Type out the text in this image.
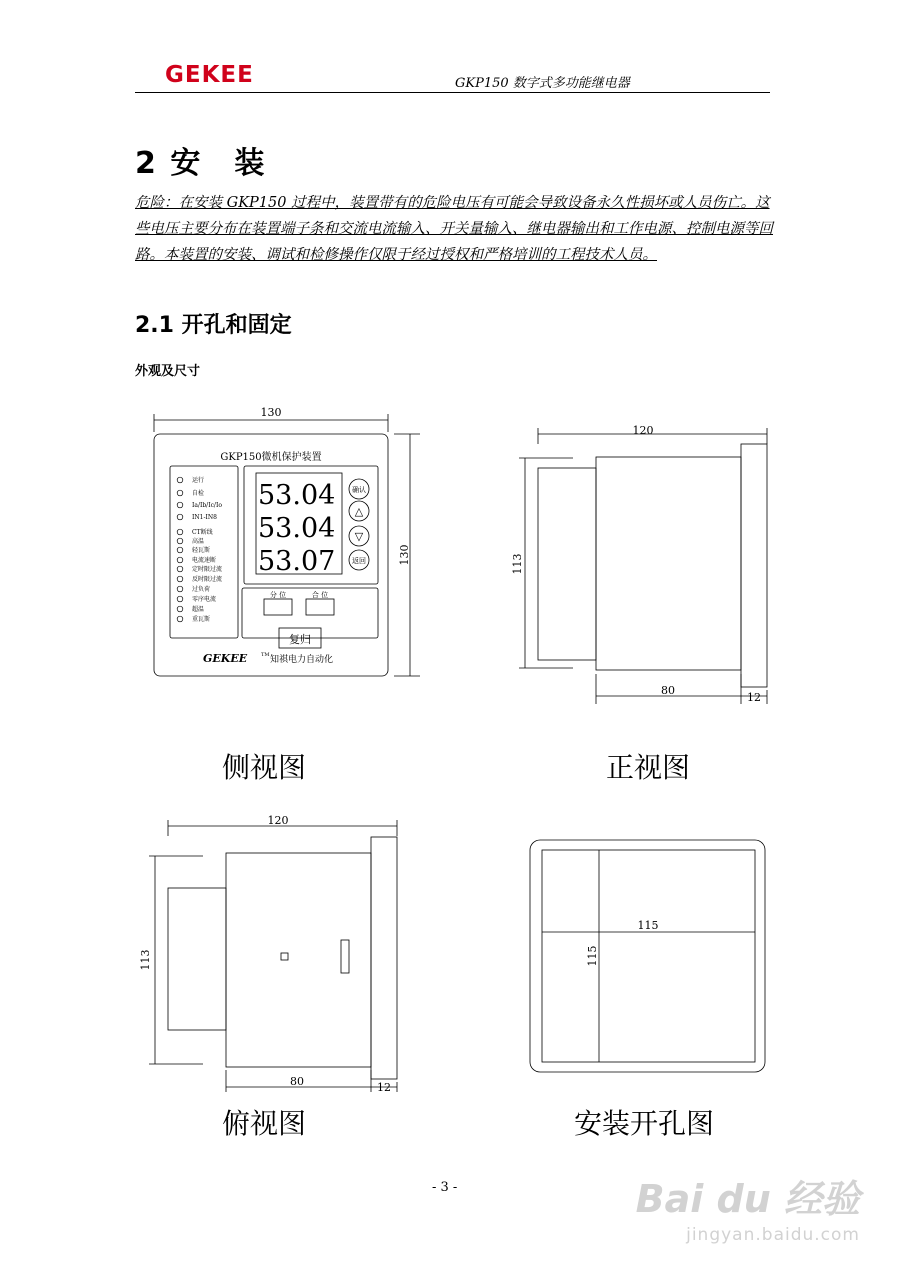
GEKEE	GKP150 数字式多功能继电器
2 安　装
危险：在安装 GKP150 过程中，装置带有的危险电压有可能会导致设备永久性损坏或人员伤亡。这些电压主要分布在装置端子条和交流电流输入、开关量输入、继电器输出和工作电源、控制电源等回路。本装置的安装、调试和检修操作仅限于经过授权和严格培训的工程技术人员。
2.1 开孔和固定
外观及尺寸
130
130
GKP150微机保护装置
运行
自检
Ia/Ib/Ic/Io
IN1-IN8
CT断线
高温
轻瓦斯
电流速断
定时限过流
反时限过流
过负荷
零序电流
超温
重瓦斯
53.04
53.04
53.07
确认
△
▽
返回
分 位	合 位
复归
GEKEE	TM 知祺电力自动化
120
113
80
12
侧视图	正视图
120
113
80	12
115
115
俯视图	安装开孔图
- 3 -	Bai du 经验
jingyan.baidu.com
